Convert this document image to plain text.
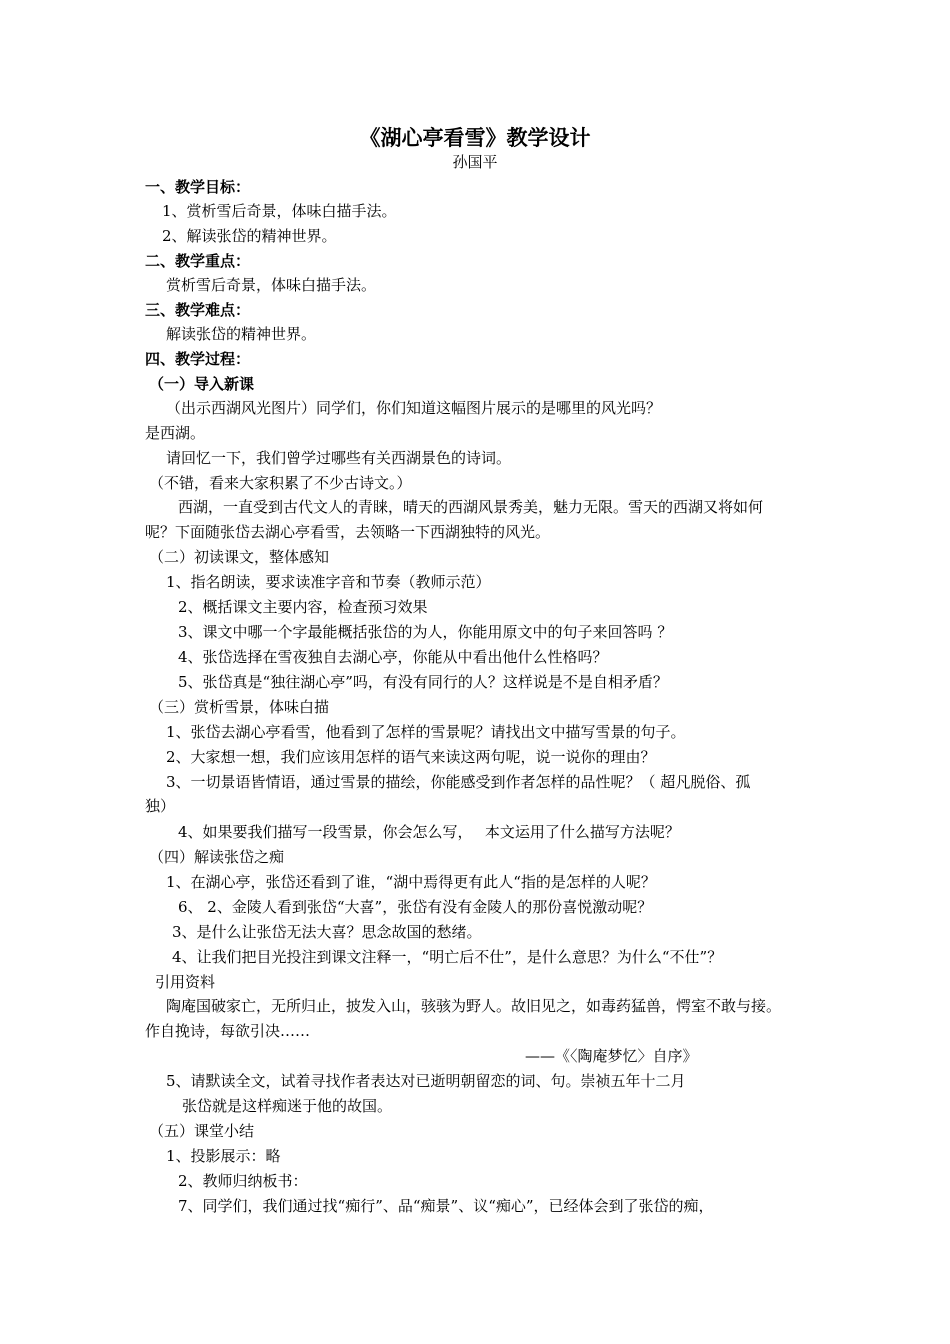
《湖心亭看雪》教学设计
孙国平
一、教学目标：
1、赏析雪后奇景，体味白描手法。
2、解读张岱的精神世界。
二、教学重点：
赏析雪后奇景，体味白描手法。
三、教学难点：
解读张岱的精神世界。
四、教学过程：
（一）导入新课
（出示西湖风光图片）同学们，你们知道这幅图片展示的是哪里的风光吗？
是西湖。
请回忆一下，我们曾学过哪些有关西湖景色的诗词。
（不错，看来大家积累了不少古诗文。）
西湖，一直受到古代文人的青睐，晴天的西湖风景秀美，魅力无限。雪天的西湖又将如何
呢？下面随张岱去湖心亭看雪，去领略一下西湖独特的风光。
（二）初读课文，整体感知
1、指名朗读，要求读准字音和节奏（教师示范）
2、概括课文主要内容，检查预习效果
3、课文中哪一个字最能概括张岱的为人，你能用原文中的句子来回答吗 ？
4、张岱选择在雪夜独自去湖心亭，你能从中看出他什么性格吗？
5、张岱真是“独往湖心亭”吗，有没有同行的人？这样说是不是自相矛盾？
（三）赏析雪景，体味白描
1、张岱去湖心亭看雪，他看到了怎样的雪景呢？请找出文中描写雪景的句子。
2、大家想一想，我们应该用怎样的语气来读这两句呢，说一说你的理由？
3、一切景语皆情语，通过雪景的描绘，你能感受到作者怎样的品性呢？（ 超凡脱俗、孤
独）
4、如果要我们描写一段雪景，你会怎么写，　 本文运用了什么描写方法呢？
（四）解读张岱之痴
1、在湖心亭，张岱还看到了谁，“湖中焉得更有此人“指的是怎样的人呢？
6、 2、金陵人看到张岱“大喜”，张岱有没有金陵人的那份喜悦激动呢？
3、是什么让张岱无法大喜？思念故国的愁绪。
4、让我们把目光投注到课文注释一，“明亡后不仕”，是什么意思？为什么“不仕”？
引用资料
陶庵国破家亡，无所归止，披发入山，骇骇为野人。故旧见之，如毒药猛兽，愕室不敢与接。
作自挽诗，每欲引决……
——《〈陶庵梦忆〉自序》
5、请默读全文，试着寻找作者表达对已逝明朝留恋的词、句。崇祯五年十二月
张岱就是这样痴迷于他的故国。
（五）课堂小结
1、投影展示：略
2、教师归纳板书：
7、同学们，我们通过找“痴行”、品“痴景”、议“痴心”，已经体会到了张岱的痴，
